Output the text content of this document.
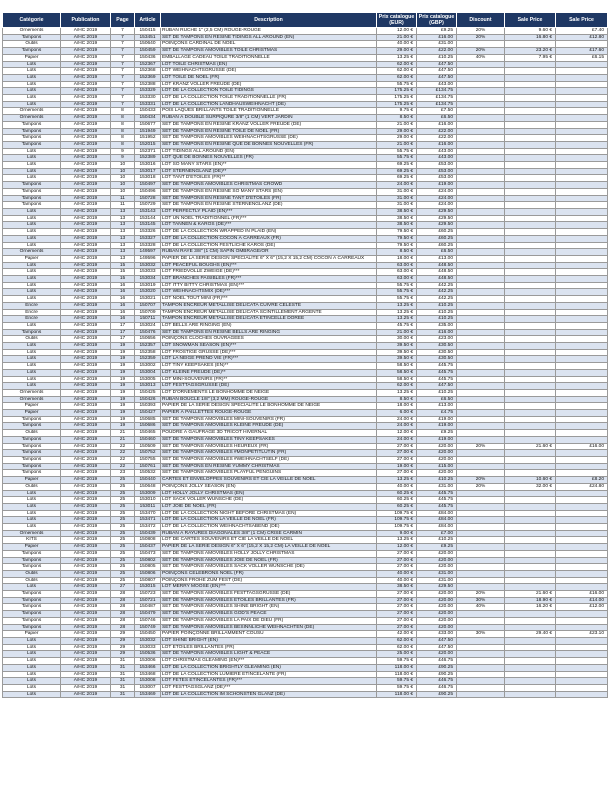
Catégorie	Publication	Page	Article	Description	Prix catalogue (EUR)	Prix catalogue (GBP)	Discount	Sale Price	Sale Price
Ornements	A/HC 2019	7	150415	RUBAN RUCHÉ 1" (2,5 CM) ROUGE-ROUGE	12.00 €	£9.25	20%	9.60 €	£7.40
Tampons	A/HC 2019	7	153451	SET DE TAMPONS EN RÉSINE TIDINGS ALL AROUND (EN)	21.00 €	£16.00	20%	16.80 €	£12.80
Outils	A/HC 2019	7	150640	POINÇONS CARDINAL DE NOËL	40.00 €	£31.00			
Tampons	A/HC 2019	7	150459	SET DE TAMPONS AMOVIBLES TOILE CHRISTMAS	29.00 €	£22.00	20%	23.20 €	£17.60
Papier	A/HC 2019	7	150436	EMBALLAGE CADEAU TOILE TRADITIONNELLE	13.25 €	£10.25	40%	7.95 €	£6.15
Lots	A/HC 2019	7	152367	LOT TOILE CHRISTMAS (EN)	62.00 €	£47.50			
Lots	A/HC 2019	7	152368	LOT WEIHNACHTSGRÜSSE (DE)	62.00 €	£47.50			
Lots	A/HC 2019	7	152369	LOT TOILE DE NOËL (FR)	62.00 €	£47.50			
Lots	A/HC 2019	7	152388	LOT KRANZ VOLLER FREUDE (DE)	55.75 €	£43.00			
Lots	A/HC 2019	7	153329	LOT DE LA COLLECTION TOILE TIDINGS	175.25 €	£134.75			
Lots	A/HC 2019	7	153330	LOT DE LA COLLECTION TOILE TRADITIONNELLE (FR)	175.25 €	£134.75			
Lots	A/HC 2019	7	153331	LOT DE LA COLLECTION LANDHAUSWEIHNACHT (DE)	175.25 €	£134.75			
Ornements	A/HC 2019	8	150433	POIS LAQUÉS BRILLANTS TOILE TRADITIONNELLE	9.75 €	£7.50			
Ornements	A/HC 2019	8	150434	RUBAN À DOUBLE SURPIQÛRE 3/8" (1 CM) VERT JARDIN	8.50 €	£6.50			
Tampons	A/HC 2019	8	150677	SET DE TAMPONS EN RÉSINE KRANZ VOLLER FREUDE (DE)	21.00 €	£16.00			
Tampons	A/HC 2019	8	151949	SET DE TAMPONS EN RÉSINE TOILE DE NOËL (FR)	29.00 €	£22.00			
Tampons	A/HC 2019	8	151952	SET DE TAMPONS AMOVIBLES WEIHNACHTSGRÜSSE (DE)	29.00 €	£22.00			
Tampons	A/HC 2019	8	152015	SET DE TAMPONS EN RÉSINE QUE DE BONNES NOUVELLES (FR)	21.00 €	£16.00			
Lots	A/HC 2019	9	152371	LOT TIDINGS ALL AROUND (EN)	55.75 €	£43.00			
Lots	A/HC 2019	9	152389	LOT QUE DE BONNES NOUVELLES (FR)	55.75 €	£43.00			
Lots	A/HC 2019	10	153016	LOT SO MANY STARS (EN)**	69.25 €	£53.00			
Lots	A/HC 2019	10	153017	LOT STERNENGLANZ (DE)**	69.25 €	£53.00			
Lots	A/HC 2019	10	153018	LOT TANT D'ÉTOILES (FR)**	69.25 €	£53.00			
Tampons	A/HC 2019	10	150497	SET DE TAMPONS AMOVIBLES CHRISTMAS CROWD	24.00 €	£19.00			
Tampons	A/HC 2019	10	150496	SET DE TAMPONS EN RÉSINE SO MANY STARS (EN)	31.00 €	£24.00			
Tampons	A/HC 2019	11	150728	SET DE TAMPONS EN RÉSINE TANT D'ÉTOILES (FR)	31.00 €	£24.00			
Tampons	A/HC 2019	11	150729	SET DE TAMPONS EN RÉSINE STERNENGLANZ (DE)	31.00 €	£24.00			
Lots	A/HC 2019	13	153143	LOT PERFECTLY PLAID (EN)***	38.50 €	£29.50			
Lots	A/HC 2019	13	153144	LOT UN NOËL TRADITIONNEL (FR)***	38.50 €	£29.50			
Lots	A/HC 2019	13	153145	LOT TANNEN & KAROS (DE)***	38.50 €	£29.50			
Lots	A/HC 2019	13	153326	LOT DE LA COLLECTION WRAPPED IN PLAID (EN)	79.50 €	£60.25			
Lots	A/HC 2019	13	153327	LOT DE LA COLLECTION COCON À CARREAUX (FR)	79.50 €	£60.25			
Lots	A/HC 2019	13	153328	LOT DE LA COLLECTION FESTLICHE KAROS (DE)	79.50 €	£60.25			
Ornements	A/HC 2019	13	149597	RUBAN RAYÉ 3/8" (1 CM) SAPIN OMBRAGÉ/OR	8.50 €	£6.50			
Papier	A/HC 2019	13	149596	PAPIER DE LA SÉRIE DESIGN SPÉCIALITÉ 6" X 6" (15,2 X 15,2 CM) COCON À CARREAUX	18.00 €	£13.00			
Lots	A/HC 2019	15	153032	LOT PEACEFUL BOUGHS (EN)***	63.00 €	£48.50			
Lots	A/HC 2019	15	153033	LOT FRIEDVOLLE ZWEIGE (DE)***	63.00 €	£48.50			
Lots	A/HC 2019	15	153034	LOT BRANCHES PAISIBLES (FR)***	63.00 €	£48.50			
Lots	A/HC 2019	16	153019	LOT ITTY BITTY CHRISTMAS (EN)***	55.75 €	£42.25			
Lots	A/HC 2019	16	153020	LOT WEIHNACHTSMIX (DE)***	55.75 €	£42.25			
Lots	A/HC 2019	16	153021	LOT NOËL TOUT MINI (FR)***	55.75 €	£42.25			
Encre	A/HC 2019	16	150707	TAMPON ENCREUR MÉTALLISÉ DELICATA CUIVRE CÉLESTE	13.25 €	£10.25			
Encre	A/HC 2019	16	150709	TAMPON ENCREUR MÉTALLISÉ DELICATA SCINTILLEMENT ARGENTÉ	13.25 €	£10.25			
Encre	A/HC 2019	16	150711	TAMPON ENCREUR MÉTALLISÉ DELICATA ÉTINCELLE DORÉE	13.25 €	£10.25			
Lots	A/HC 2019	17	153024	LOT BELLS ARE RINGING (EN)	45.75 €	£35.00			
Tampons	A/HC 2019	17	150476	SET DE TAMPONS EN RÉSINE BELLS ARE RINGING	21.00 €	£16.00			
Outils	A/HC 2019	17	150656	POINÇONS CLOCHES OUVRAGÉES	30.00 €	£23.00			
Lots	A/HC 2019	19	152357	LOT SNOWMAN SEASON (EN)***	39.50 €	£30.50			
Lots	A/HC 2019	19	152358	LOT FROSTIGE GRÜSSE (DE)***	39.50 €	£30.50			
Lots	A/HC 2019	19	152359	LOT LA NEIGE PREND VIE (FR)***	39.50 €	£30.50			
Lots	A/HC 2019	19	153002	LOT TINY KEEPSAKES (EN)**	58.50 €	£45.75			
Lots	A/HC 2019	19	153004	LOT KLEINE FREUDE (DE)**	58.50 €	£45.75			
Lots	A/HC 2019	19	153005	LOT MINI-SOUVENIRS (FR)**	58.50 €	£45.75			
Lots	A/HC 2019	19	153013	LOT FESTTAGSGRÜSSE (DE)	62.00 €	£47.50			
Ornements	A/HC 2019	19	150425	LOT D'ORNEMENTS LE BONHOMME DE NEIGE	13.25 €	£10.25			
Ornements	A/HC 2019	19	150426	RUBAN BOUCLÉ 1/8" (3,2 MM) ROUGE-ROUGE	8.50 €	£6.50			
Papier	A/HC 2019	19	150393	PAPIER DE LA SÉRIE DESIGN SPÉCIALITÉ LE BONHOMME DE NEIGE	18.00 €	£13.00			
Papier	A/HC 2019	19	150427	PAPIER À PAILLETTES ROUGE-ROUGE	6.00 €	£4.75			
Tampons	A/HC 2019	19	150685	SET DE TAMPONS AMOVIBLES MINI-SOUVENIRS (FR)	24.00 €	£19.00			
Tampons	A/HC 2019	19	150686	SET DE TAMPONS AMOVIBLES KLEINE FREUDE (DE)	24.00 €	£19.00			
Outils	A/HC 2019	21	150465	POUDRE À GAUFRAGE 3D TRICOT HIVERNAL	12.00 €	£9.25			
Tampons	A/HC 2019	21	150460	SET DE TAMPONS AMOVIBLES TINY KEEPSAKES	24.00 €	£19.00			
Tampons	A/HC 2019	22	150509	SET DE TAMPONS AMOVIBLES HEUREUX (FR)	27.00 €	£20.00	20%	21.60 €	£16.00
Tampons	A/HC 2019	22	150752	SET DE TAMPONS AMOVIBLES #MONPETITLUTIN (FR)	27.00 €	£20.00			
Tampons	A/HC 2019	22	150755	SET DE TAMPONS AMOVIBLES #WEIHNACHTSELF (DE)	27.00 €	£20.00			
Tampons	A/HC 2019	22	150761	SET DE TAMPONS EN RÉSINE YUMMY CHRISTMAS	19.00 €	£15.00			
Tampons	A/HC 2019	23	150532	SET DE TAMPONS AMOVIBLES PLAYFUL PENGUINS	27.00 €	£20.00			
Papier	A/HC 2019	25	150440	CARTES ET ENVELOPPES SOUVENIRS ET CIE LA VEILLE DE NOËL	13.25 €	£10.25	20%	10.60 €	£8.20
Outils	A/HC 2019	25	150648	POINÇONS JOLLY SEASON (EN)	40.00 €	£31.00	20%	32.00 €	£24.80
Lots	A/HC 2019	25	153009	LOT HOLLY JOLLY CHRISTMAS (EN)	60.25 €	£45.75			
Lots	A/HC 2019	25	153010	LOT SACK VOLLER WÜNSCHE (DE)	60.25 €	£45.75			
Lots	A/HC 2019	25	153011	LOT JOIE DE NOËL (FR)	60.25 €	£45.75			
Lots	A/HC 2019	25	153470	LOT DE LA COLLECTION NIGHT BEFORE CHRISTMAS (EN)	109.75 €	£84.00			
Lots	A/HC 2019	25	153471	LOT DE LA COLLECTION LA VEILLE DE NOËL (FR)	109.75 €	£84.00			
Lots	A/HC 2019	25	153472	LOT DE LA COLLECTION WEIHNACHTSABEND (DE)	109.75 €	£84.00			
Ornements	A/HC 2019	25	150439	RUBAN À RAYURES DIAGONALES 3/8" (1 CM) CRISE CARMIN	9.00 €	£7.00			
KITS	A/HC 2019	25	150808	LOT DE CARTES SOUVENIRS ET CIE LA VEILLE DE NOËL	13.25 €	£10.25			
Papier	A/HC 2019	25	150437	PAPIER DE LA SÉRIE DESIGN 6" X 6" (15,2 X 15,2 CM) LA VEILLE DE NOËL	12.00 €	£9.25			
Tampons	A/HC 2019	25	150473	SET DE TAMPONS AMOVIBLES HOLLY JOLLY CHRISTMAS	27.00 €	£20.00			
Tampons	A/HC 2019	25	150802	SET DE TAMPONS AMOVIBLES JOIE DE NOËL (FR)	27.00 €	£20.00			
Tampons	A/HC 2019	25	150805	SET DE TAMPONS AMOVIBLES SACK VOLLER WÜNSCHE (DE)	27.00 €	£20.00			
Outils	A/HC 2019	25	150806	POINÇONS CÉLÉBRONS NOËL (FR)	40.00 €	£31.00			
Outils	A/HC 2019	25	150807	POINÇONS FROHE ZUM FEST (DE)	40.00 €	£31.00			
Lots	A/HC 2019	27	153015	LOT MERRY MOOSE (EN)***	38.50 €	£29.50			
Tampons	A/HC 2019	28	150723	SET DE TAMPONS AMOVIBLES FESTTAGSGRÜSSE (DE)	27.00 €	£20.00	20%	21.60 €	£16.00
Tampons	A/HC 2019	28	150721	SET DE TAMPONS AMOVIBLES ÉTOILES BRILLANTES (FR)	27.00 €	£20.00	30%	18.90 €	£14.00
Tampons	A/HC 2019	28	150487	SET DE TAMPONS AMOVIBLES SHINE BRIGHT (EN)	27.00 €	£20.00	40%	16.20 €	£12.00
Tampons	A/HC 2019	28	150479	SET DE TAMPONS AMOVIBLES GOD'S PEACE	27.00 €	£20.00			
Tampons	A/HC 2019	28	150746	SET DE TAMPONS AMOVIBLES LA PAIX DE DIEU (FR)	27.00 €	£20.00			
Tampons	A/HC 2019	28	150749	SET DE TAMPONS AMOVIBLES BESINNLICHE WEIHNACHTEN (DE)	27.00 €	£20.00			
Papier	A/HC 2019	29	150450	PAPIER POINÇONNÉ BRILLAMMENT COUSU	42.00 €	£33.00	30%	29.40 €	£23.10
Lots	A/HC 2019	29	153032	LOT SHINE BRIGHT (EN)	62.00 €	£47.50			
Lots	A/HC 2019	29	153033	LOT ÉTOILES BRILLANTES (FR)	62.00 €	£47.50			
Lots	A/HC 2019	29	150536	SET DE TAMPONS AMOVIBLES LIGHT & PEACE	25.00 €	£20.00			
Lots	A/HC 2019	31	153006	LOT CHRISTMAS GLEAMING (EN)***	59.75 €	£46.75			
Lots	A/HC 2019	31	153466	LOT DE LA COLLECTION BRIGHTLY GLEAMING (EN)	118.00 €	£90.25			
Lots	A/HC 2019	31	153468	LOT DE LA COLLECTION LUMIÈRE ÉTINCELANTE (FR)	118.00 €	£90.25			
Lots	A/HC 2019	31	153008	LOT FÊTES ÉTINCELANTES (FR)***	59.75 €	£46.75			
Lots	A/HC 2019	31	153007	LOT FESTTAGSGLANZ (DE)***	59.75 €	£46.75			
Lots	A/HC 2019	31	153469	LOT DE LA COLLECTION IM SCHÖNSTEN GLANZ (DE)	118.00 €	£90.25			
